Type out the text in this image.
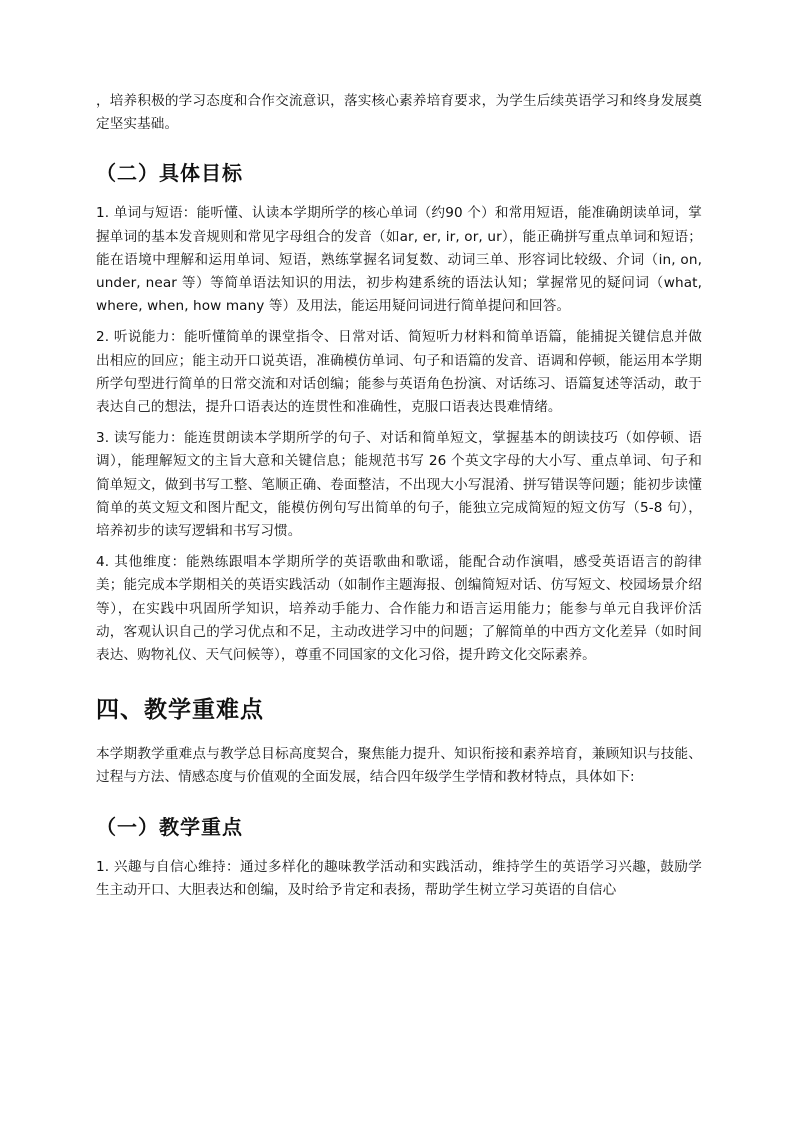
，培养积极的学习态度和合作交流意识，落实核心素养培育要求，为学生后续英语学习和终身发展奠定坚实基础。

（二）具体目标

1. 单词与短语：能听懂、认读本学期所学的核心单词（约90 个）和常用短语，能准确朗读单词，掌握单词的基本发音规则和常见字母组合的发音（如ar, er, ir, or, ur），能正确拼写重点单词和短语；能在语境中理解和运用单词、短语，熟练掌握名词复数、动词三单、形容词比较级、介词（in, on, under, near 等）等简单语法知识的用法，初步构建系统的语法认知；掌握常见的疑问词（what, where, when, how many 等）及用法，能运用疑问词进行简单提问和回答。

2. 听说能力：能听懂简单的课堂指令、日常对话、简短听力材料和简单语篇，能捕捉关键信息并做出相应的回应；能主动开口说英语，准确模仿单词、句子和语篇的发音、语调和停顿，能运用本学期所学句型进行简单的日常交流和对话创编；能参与英语角色扮演、对话练习、语篇复述等活动，敢于表达自己的想法，提升口语表达的连贯性和准确性，克服口语表达畏难情绪。

3. 读写能力：能连贯朗读本学期所学的句子、对话和简单短文，掌握基本的朗读技巧（如停顿、语调），能理解短文的主旨大意和关键信息；能规范书写 26 个英文字母的大小写、重点单词、句子和简单短文，做到书写工整、笔顺正确、卷面整洁，不出现大小写混淆、拼写错误等问题；能初步读懂简单的英文短文和图片配文，能模仿例句写出简单的句子，能独立完成简短的短文仿写（5-8 句），培养初步的读写逻辑和书写习惯。

4. 其他维度：能熟练跟唱本学期所学的英语歌曲和歌谣，能配合动作演唱，感受英语语言的韵律美；能完成本学期相关的英语实践活动（如制作主题海报、创编简短对话、仿写短文、校园场景介绍等），在实践中巩固所学知识，培养动手能力、合作能力和语言运用能力；能参与单元自我评价活动，客观认识自己的学习优点和不足，主动改进学习中的问题；了解简单的中西方文化差异（如时间表达、购物礼仪、天气问候等），尊重不同国家的文化习俗，提升跨文化交际素养。

四、教学重难点

本学期教学重难点与教学总目标高度契合，聚焦能力提升、知识衔接和素养培育，兼顾知识与技能、过程与方法、情感态度与价值观的全面发展，结合四年级学生学情和教材特点，具体如下:

（一）教学重点

1. 兴趣与自信心维持：通过多样化的趣味教学活动和实践活动，维持学生的英语学习兴趣，鼓励学生主动开口、大胆表达和创编，及时给予肯定和表扬，帮助学生树立学习英语的自信心
